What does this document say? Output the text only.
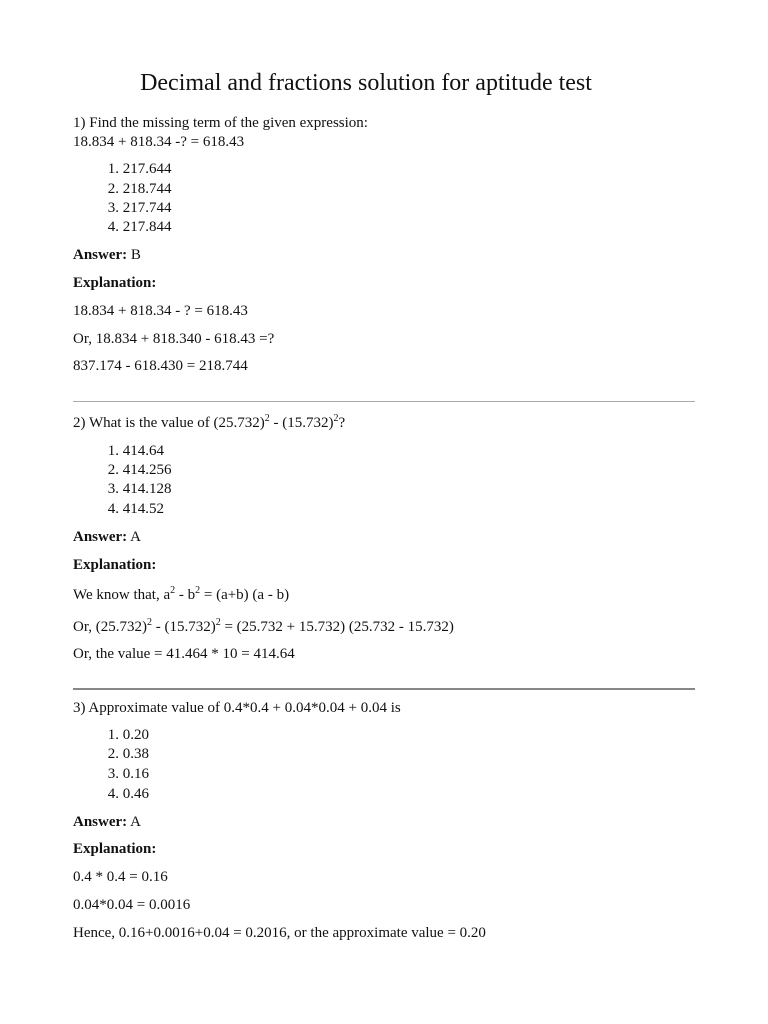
Decimal and fractions solution for aptitude test
1) Find the missing term of the given expression:
18.834 + 818.34 -? = 618.43
1. 217.644
2. 218.744
3. 217.744
4. 217.844
Answer: B
Explanation:
18.834 + 818.34 - ? = 618.43
Or, 18.834 + 818.340 - 618.43 =?
837.174 - 618.430 = 218.744
2) What is the value of $(25.732)^2 - (15.732)^2$?
1. 414.64
2. 414.256
3. 414.128
4. 414.52
Answer: A
Explanation:
We know that, $a^2 - b^2 = (a+b)$ (a - b)
Or, $(25.732)^2 - (15.732)^2 = (25.732 + 15.732)$ (25.732 - 15.732)
Or, the value = 41.464 * 10 = 414.64
3) Approximate value of 0.4*0.4 + 0.04*0.04 + 0.04 is
1. 0.20
2. 0.38
3. 0.16
4. 0.46
Answer: A
Explanation:
0.4 * 0.4 = 0.16
0.04*0.04 = 0.0016
Hence, 0.16+0.0016+0.04 = 0.2016, or the approximate value = 0.20
